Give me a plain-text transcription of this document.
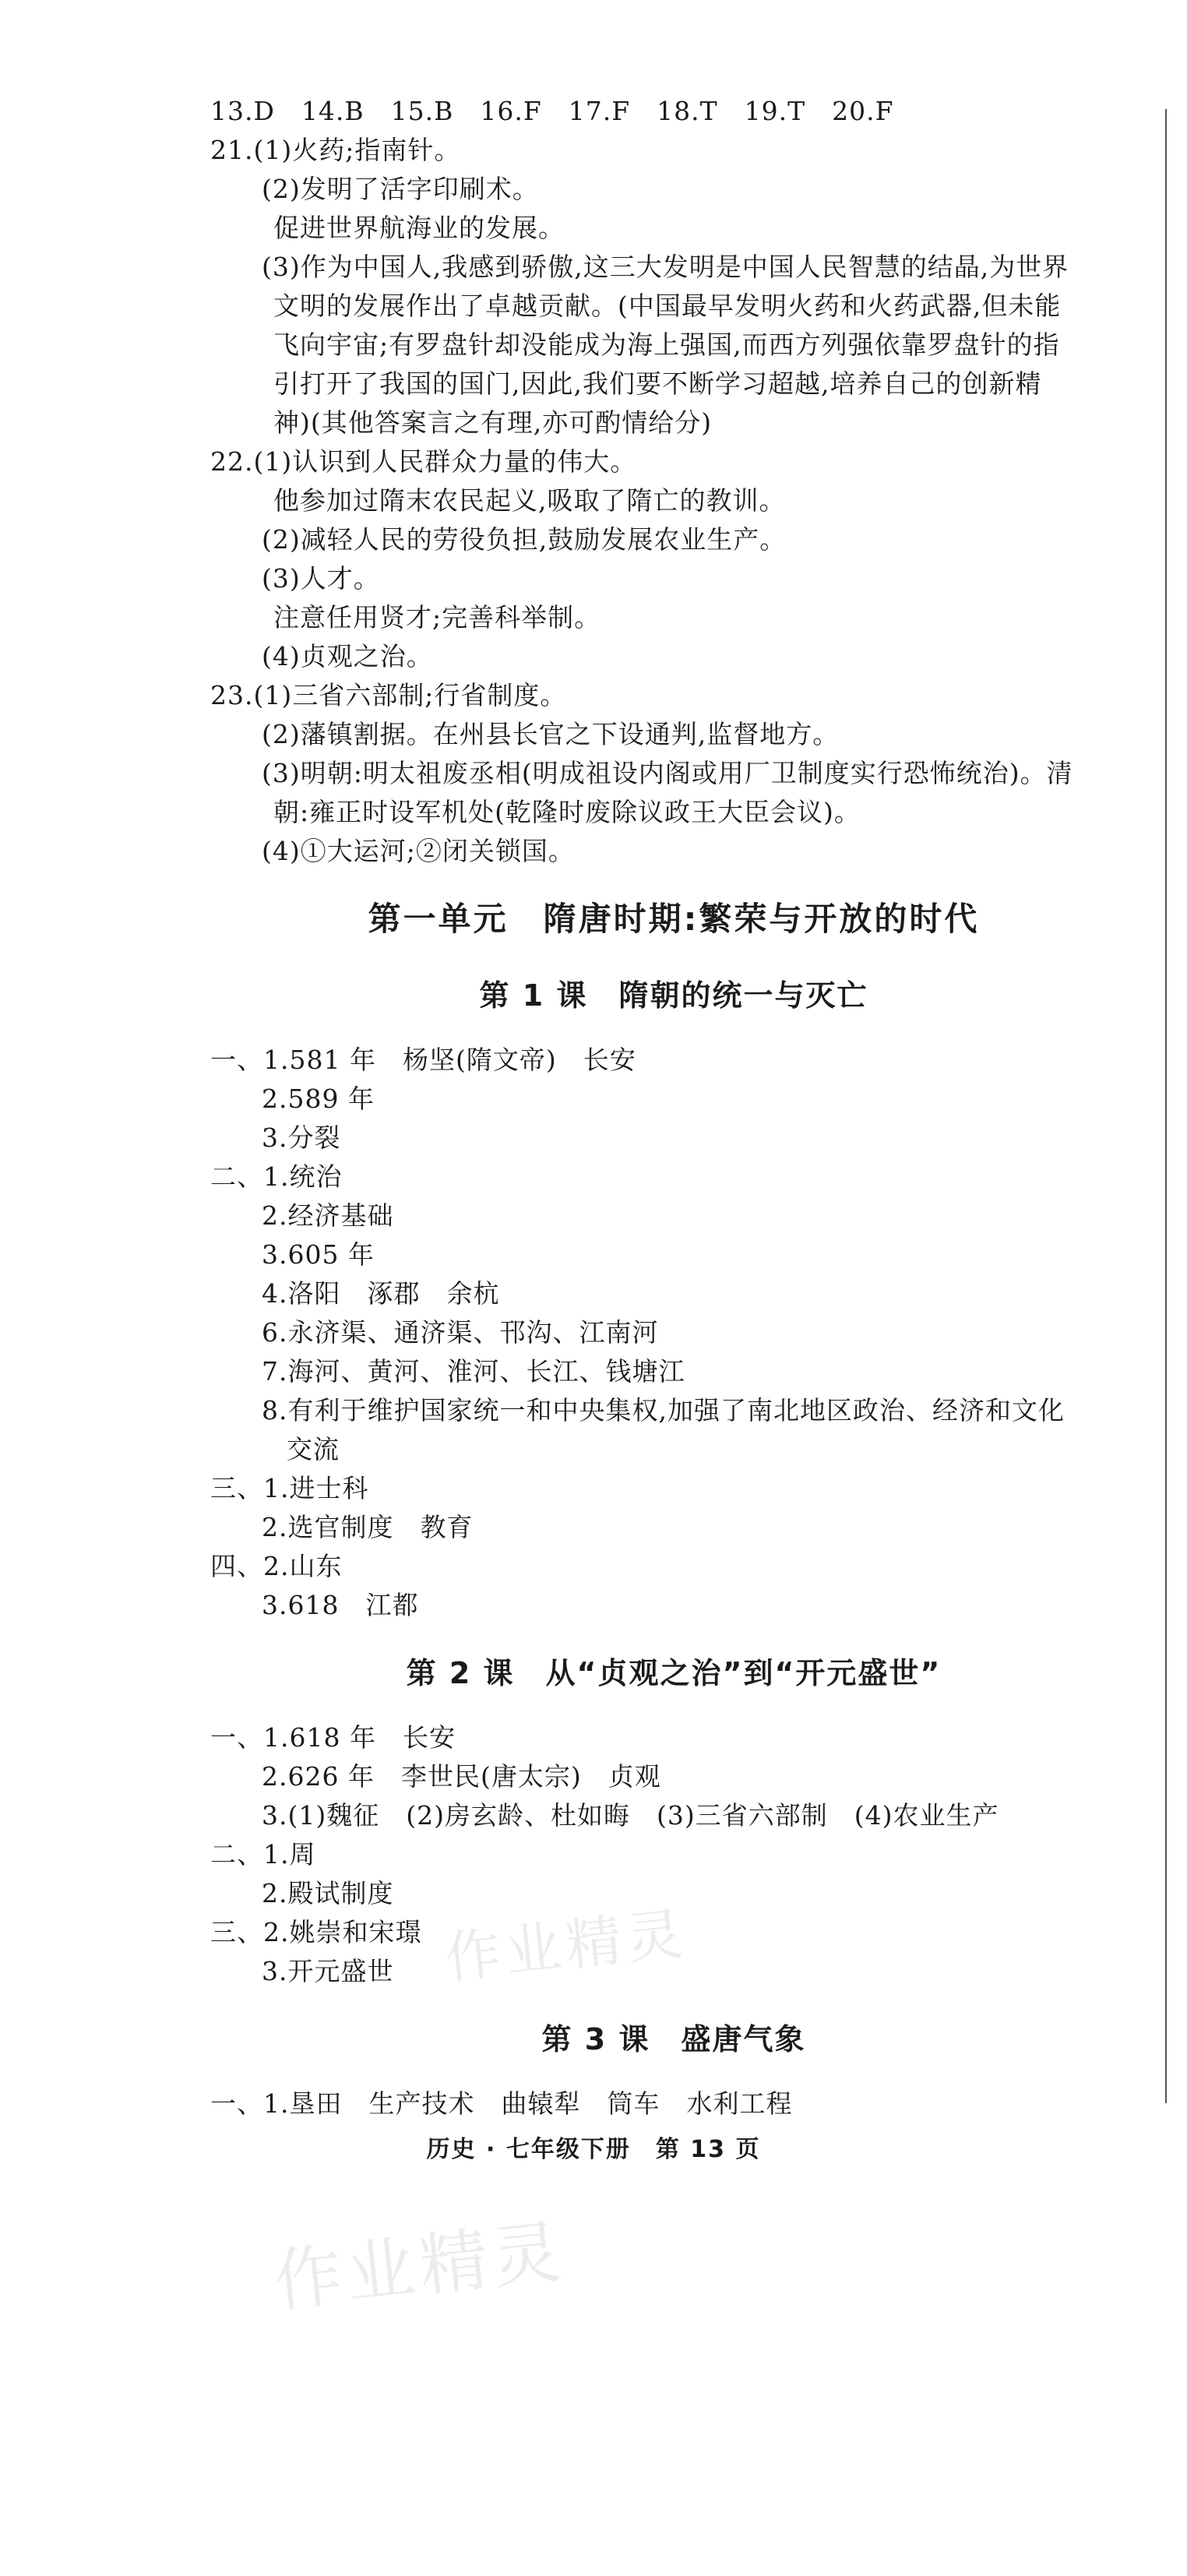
13.D　14.B　15.B　16.F　17.F　18.T　19.T　20.F
21.(1)火药;指南针。
(2)发明了活字印刷术。
促进世界航海业的发展。
(3)作为中国人,我感到骄傲,这三大发明是中国人民智慧的结晶,为世界
文明的发展作出了卓越贡献。(中国最早发明火药和火药武器,但未能
飞向宇宙;有罗盘针却没能成为海上强国,而西方列强依靠罗盘针的指
引打开了我国的国门,因此,我们要不断学习超越,培养自己的创新精
神)(其他答案言之有理,亦可酌情给分)
22.(1)认识到人民群众力量的伟大。
他参加过隋末农民起义,吸取了隋亡的教训。
(2)减轻人民的劳役负担,鼓励发展农业生产。
(3)人才。
注意任用贤才;完善科举制。
(4)贞观之治。
23.(1)三省六部制;行省制度。
(2)藩镇割据。在州县长官之下设通判,监督地方。
(3)明朝:明太祖废丞相(明成祖设内阁或用厂卫制度实行恐怖统治)。清
朝:雍正时设军机处(乾隆时废除议政王大臣会议)。
(4)①大运河;②闭关锁国。
第一单元　隋唐时期:繁荣与开放的时代
第 1 课　隋朝的统一与灭亡
一、1.581 年　杨坚(隋文帝)　长安
2.589 年
3.分裂
二、1.统治
2.经济基础
3.605 年
4.洛阳　涿郡　余杭
6.永济渠、通济渠、邗沟、江南河
7.海河、黄河、淮河、长江、钱塘江
8.有利于维护国家统一和中央集权,加强了南北地区政治、经济和文化
交流
三、1.进士科
2.选官制度　教育
四、2.山东
3.618　江都
第 2 课　从“贞观之治”到“开元盛世”
一、1.618 年　长安
2.626 年　李世民(唐太宗)　贞观
3.(1)魏征　(2)房玄龄、杜如晦　(3)三省六部制　(4)农业生产
二、1.周
2.殿试制度
三、2.姚崇和宋璟
3.开元盛世
第 3 课　盛唐气象
一、1.垦田　生产技术　曲辕犁　筒车　水利工程
历史 · 七年级下册　第 13 页
作业精灵
作业精灵
